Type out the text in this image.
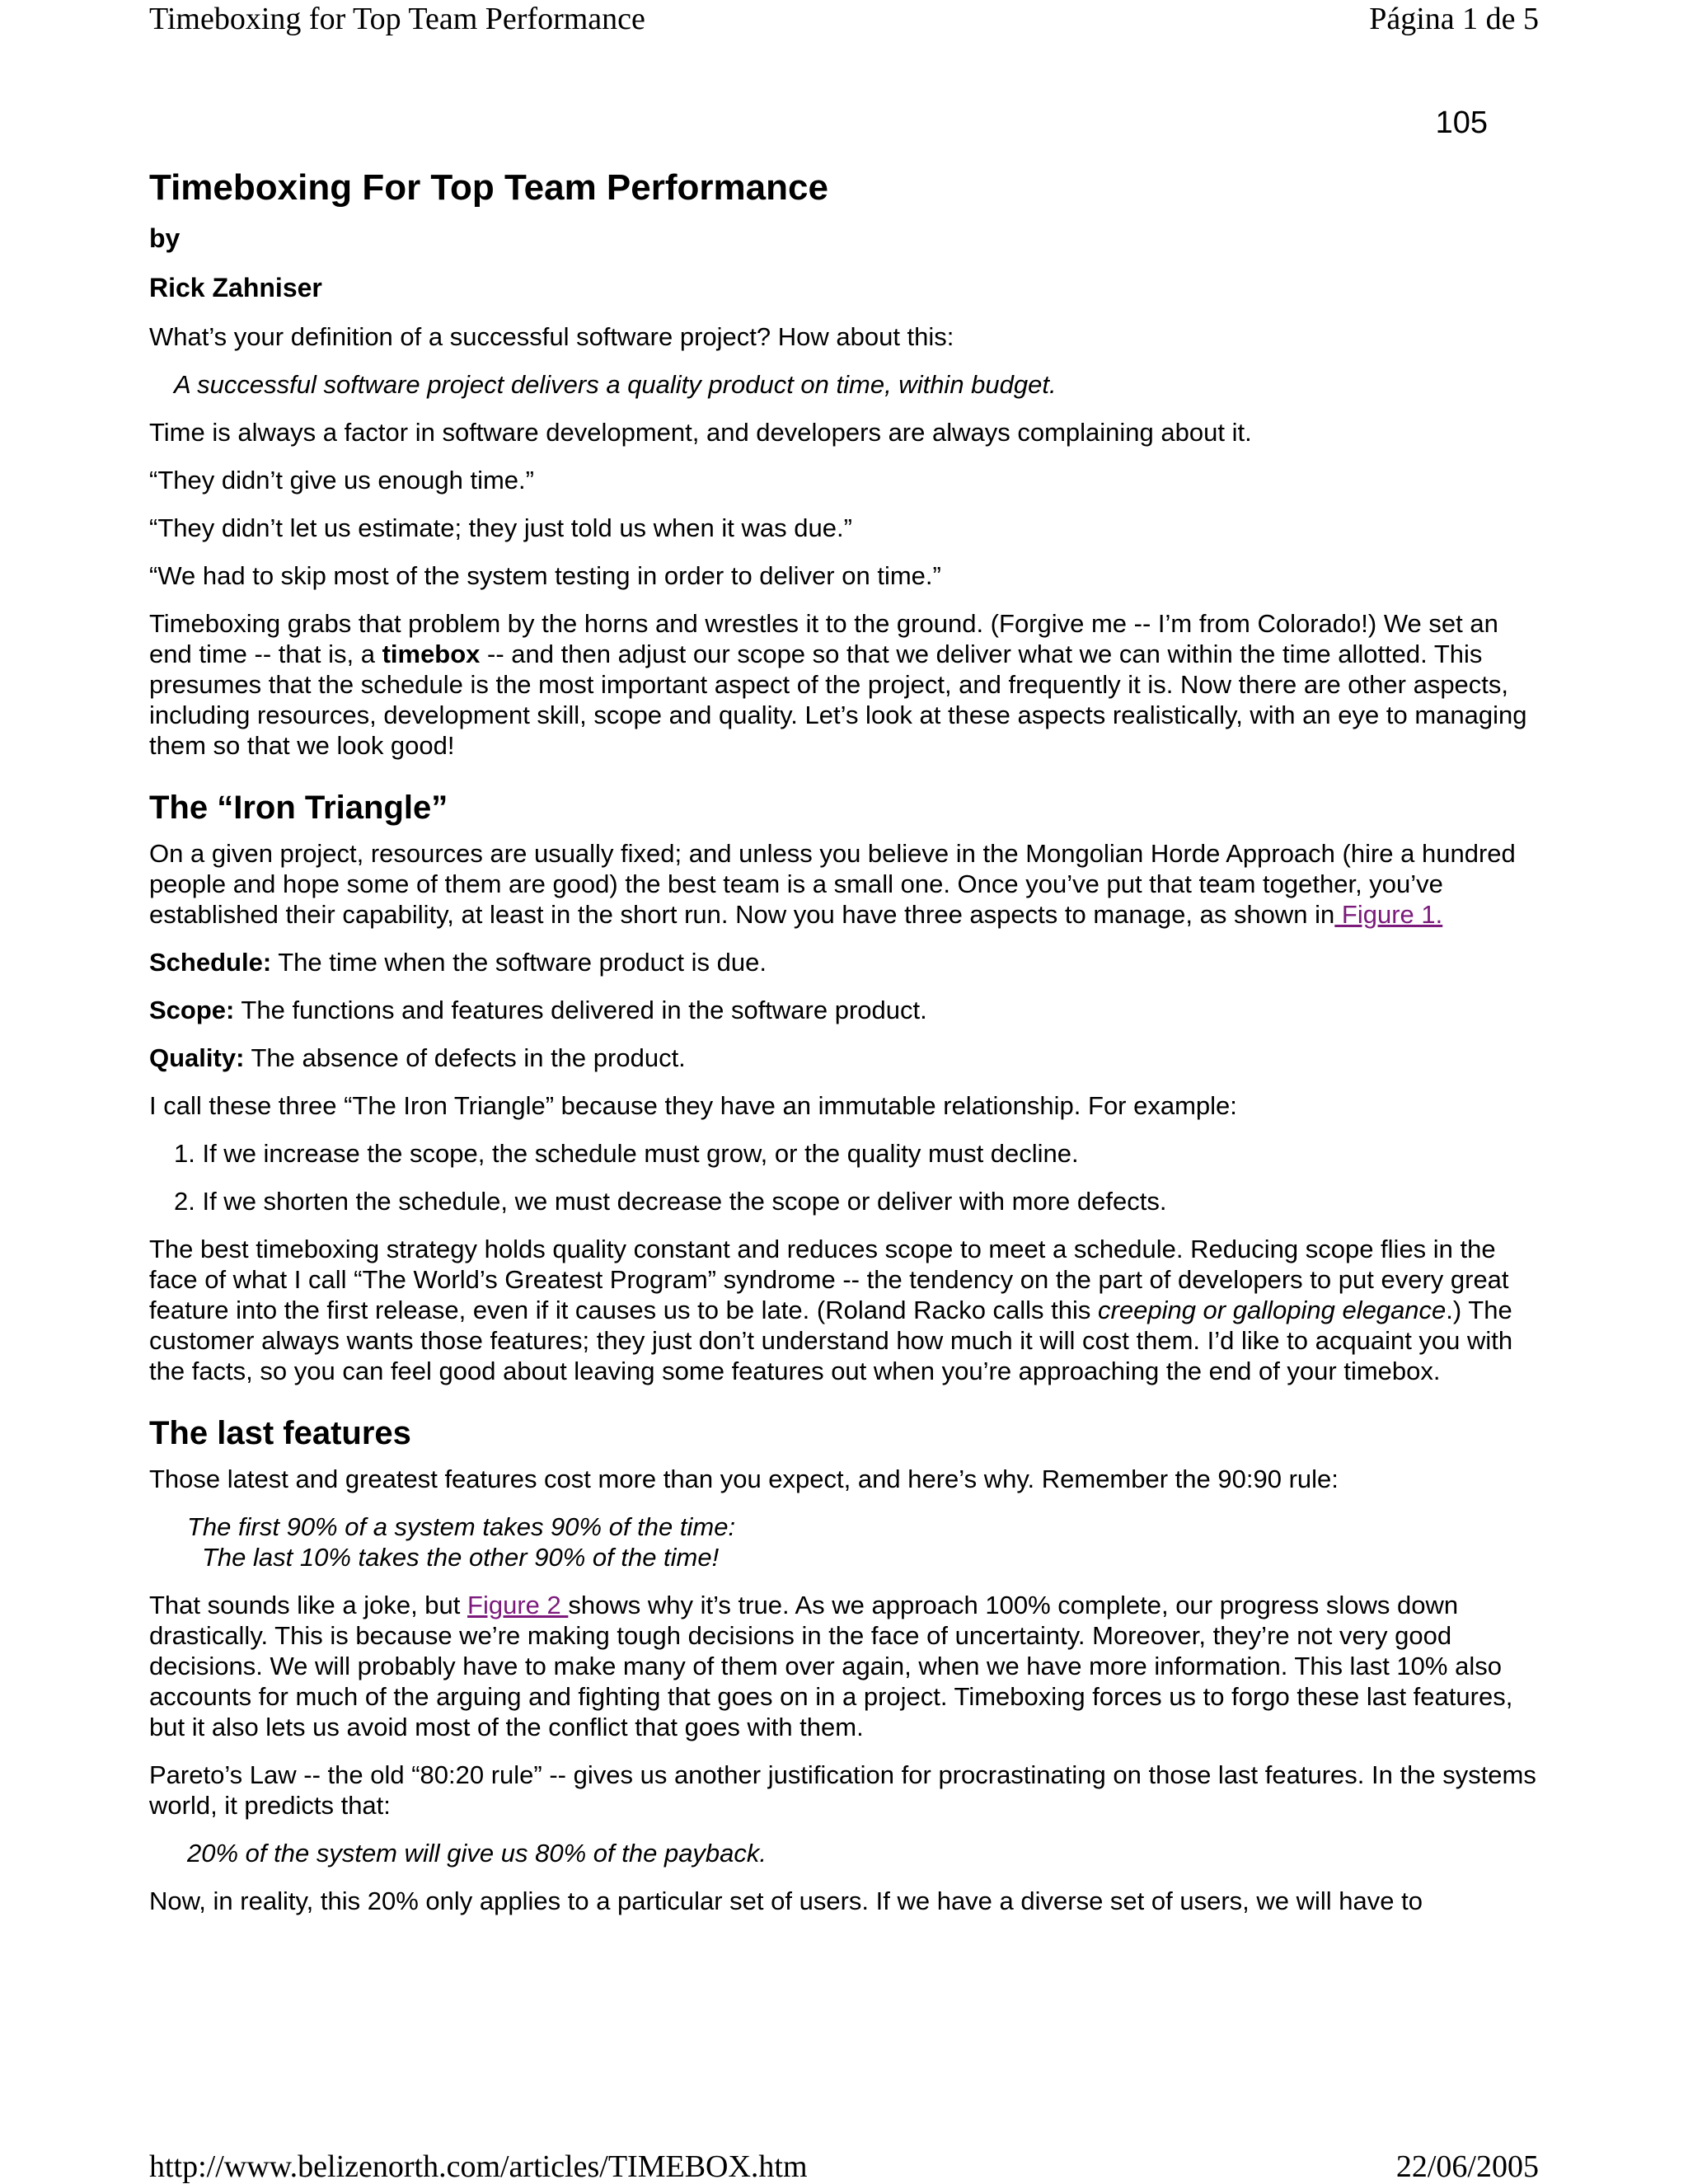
Timeboxing for Top Team Performance	Página 1 de 5
105
Timeboxing For Top Team Performance
by
Rick Zahniser

What’s your definition of a successful software project? How about this:

A successful software project delivers a quality product on time, within budget.

Time is always a factor in software development, and developers are always complaining about it.

“They didn’t give us enough time.”

“They didn’t let us estimate; they just told us when it was due.”

“We had to skip most of the system testing in order to deliver on time.”

Timeboxing grabs that problem by the horns and wrestles it to the ground. (Forgive me -- I’m from Colorado!) We set an end time -- that is, a timebox -- and then adjust our scope so that we deliver what we can within the time allotted. This presumes that the schedule is the most important aspect of the project, and frequently it is. Now there are other aspects, including resources, development skill, scope and quality. Let’s look at these aspects realistically, with an eye to managing them so that we look good!

The “Iron Triangle”

On a given project, resources are usually fixed; and unless you believe in the Mongolian Horde Approach (hire a hundred people and hope some of them are good) the best team is a small one. Once you’ve put that team together, you’ve established their capability, at least in the short run. Now you have three aspects to manage, as shown in Figure 1.

Schedule: The time when the software product is due.

Scope: The functions and features delivered in the software product.

Quality: The absence of defects in the product.

I call these three “The Iron Triangle” because they have an immutable relationship. For example:

1. If we increase the scope, the schedule must grow, or the quality must decline.

2. If we shorten the schedule, we must decrease the scope or deliver with more defects.

The best timeboxing strategy holds quality constant and reduces scope to meet a schedule. Reducing scope flies in the face of what I call “The World’s Greatest Program” syndrome -- the tendency on the part of developers to put every great feature into the first release, even if it causes us to be late. (Roland Racko calls this creeping or galloping elegance.) The customer always wants those features; they just don’t understand how much it will cost them. I’d like to acquaint you with the facts, so you can feel good about leaving some features out when you’re approaching the end of your timebox.

The last features

Those latest and greatest features cost more than you expect, and here’s why. Remember the 90:90 rule:

The first 90% of a system takes 90% of the time:
The last 10% takes the other 90% of the time!

That sounds like a joke, but Figure 2 shows why it’s true. As we approach 100% complete, our progress slows down drastically. This is because we’re making tough decisions in the face of uncertainty. Moreover, they’re not very good decisions. We will probably have to make many of them over again, when we have more information. This last 10% also accounts for much of the arguing and fighting that goes on in a project. Timeboxing forces us to forgo these last features, but it also lets us avoid most of the conflict that goes with them.

Pareto’s Law -- the old “80:20 rule” -- gives us another justification for procrastinating on those last features. In the systems world, it predicts that:

20% of the system will give us 80% of the payback.

Now, in reality, this 20% only applies to a particular set of users. If we have a diverse set of users, we will have to

http://www.belizenorth.com/articles/TIMEBOX.htm	22/06/2005
